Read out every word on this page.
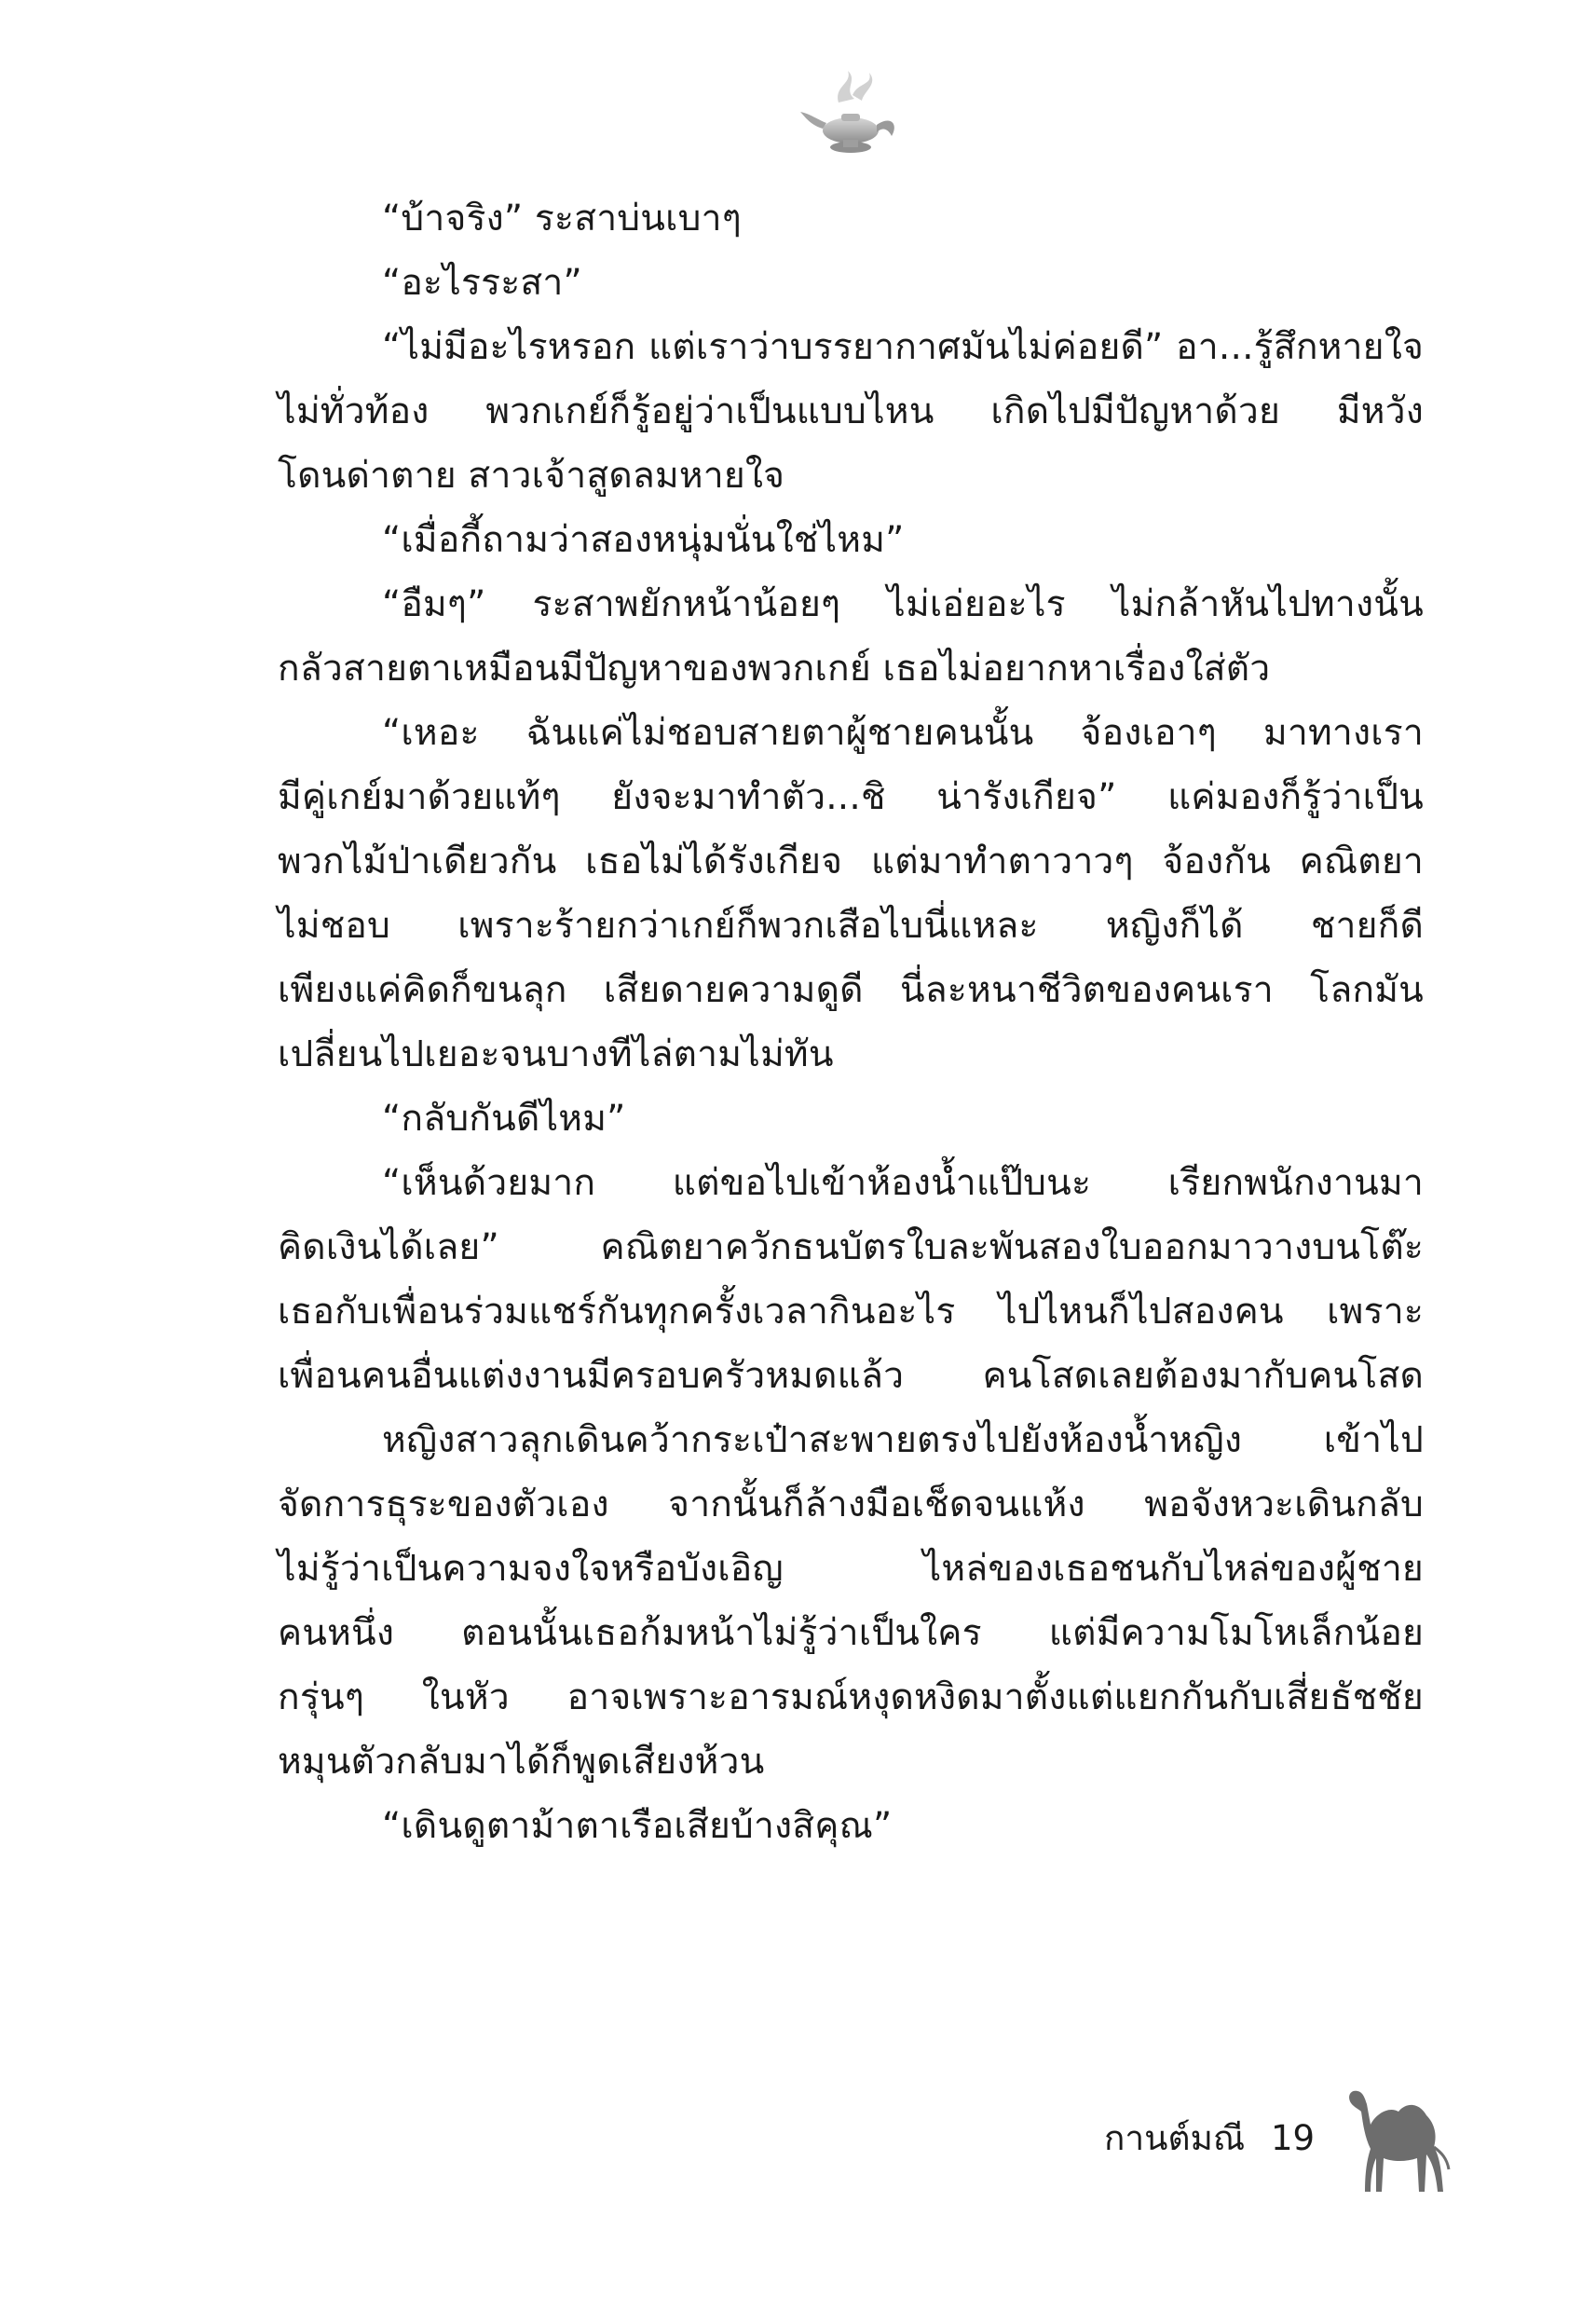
“บ้าจริง” ระสาบ่นเบาๆ
“อะไรระสา”
“ไม่มีอะไรหรอก แต่เราว่าบรรยากาศมันไม่ค่อยดี” อา...รู้สึกหายใจ
ไม่ทั่วท้อง พวกเกย์ก็รู้อยู่ว่าเป็นแบบไหน เกิดไปมีปัญหาด้วย มีหวัง
โดนด่าตาย สาวเจ้าสูดลมหายใจ
“เมื่อกี้ถามว่าสองหนุ่มนั่นใช่ไหม”
“อืมๆ” ระสาพยักหน้าน้อยๆ ไม่เอ่ยอะไร ไม่กล้าหันไปทางนั้น
กลัวสายตาเหมือนมีปัญหาของพวกเกย์ เธอไม่อยากหาเรื่องใส่ตัว
“เหอะ ฉันแค่ไม่ชอบสายตาผู้ชายคนนั้น จ้องเอาๆ มาทางเรา
มีคู่เกย์มาด้วยแท้ๆ ยังจะมาทำตัว...ชิ น่ารังเกียจ” แค่มองก็รู้ว่าเป็น
พวกไม้ป่าเดียวกัน เธอไม่ได้รังเกียจ แต่มาทำตาวาวๆ จ้องกัน คณิตยา
ไม่ชอบ เพราะร้ายกว่าเกย์ก็พวกเสือไบนี่แหละ หญิงก็ได้ ชายก็ดี
เพียงแค่คิดก็ขนลุก เสียดายความดูดี นี่ละหนาชีวิตของคนเรา โลกมัน
เปลี่ยนไปเยอะจนบางทีไล่ตามไม่ทัน
“กลับกันดีไหม”
“เห็นด้วยมาก แต่ขอไปเข้าห้องน้ำแป๊บนะ เรียกพนักงานมา
คิดเงินได้เลย” คณิตยาควักธนบัตรใบละพันสองใบออกมาวางบนโต๊ะ
เธอกับเพื่อนร่วมแชร์กันทุกครั้งเวลากินอะไร ไปไหนก็ไปสองคน เพราะ
เพื่อนคนอื่นแต่งงานมีครอบครัวหมดแล้ว คนโสดเลยต้องมากับคนโสด
หญิงสาวลุกเดินคว้ากระเป๋าสะพายตรงไปยังห้องน้ำหญิง เข้าไป
จัดการธุระของตัวเอง จากนั้นก็ล้างมือเช็ดจนแห้ง พอจังหวะเดินกลับ
ไม่รู้ว่าเป็นความจงใจหรือบังเอิญ ไหล่ของเธอชนกับไหล่ของผู้ชาย
คนหนึ่ง ตอนนั้นเธอก้มหน้าไม่รู้ว่าเป็นใคร แต่มีความโมโหเล็กน้อย
กรุ่นๆ ในหัว อาจเพราะอารมณ์หงุดหงิดมาตั้งแต่แยกกันกับเสี่ยธัชชัย
หมุนตัวกลับมาได้ก็พูดเสียงห้วน
“เดินดูตาม้าตาเรือเสียบ้างสิคุณ”
กานต์มณี 19
